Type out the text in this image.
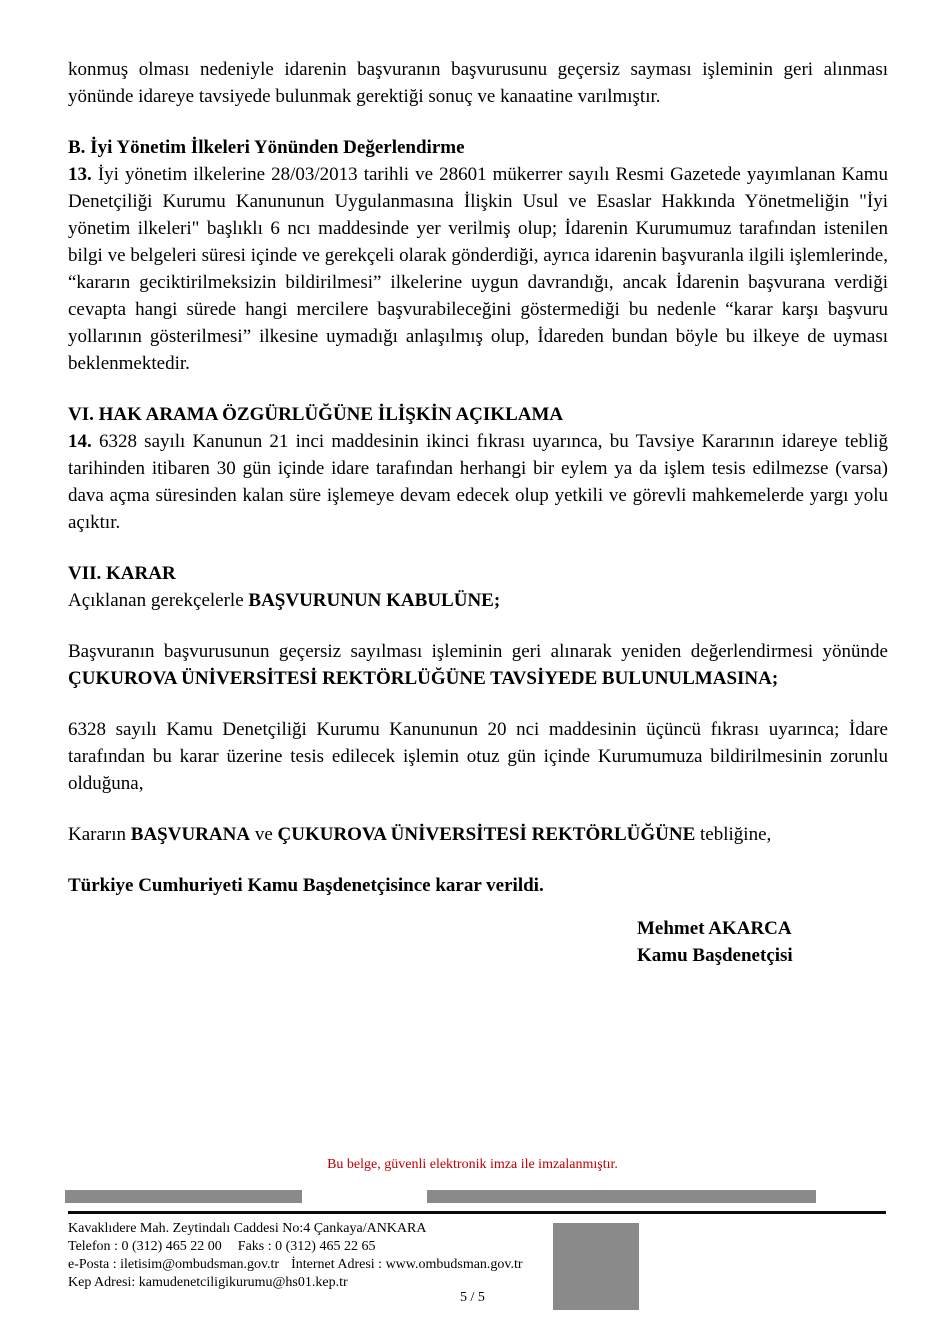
konmuş olması nedeniyle idarenin başvuranın başvurusunu geçersiz sayması işleminin geri alınması yönünde idareye tavsiyede bulunmak gerektiği sonuç ve kanaatine varılmıştır.

B. İyi Yönetim İlkeleri Yönünden Değerlendirme

13. İyi yönetim ilkelerine 28/03/2013 tarihli ve 28601 mükerrer sayılı Resmi Gazetede yayımlanan Kamu Denetçiliği Kurumu Kanununun Uygulanmasına İlişkin Usul ve Esaslar Hakkında Yönetmeliğin "İyi yönetim ilkeleri" başlıklı 6 ncı maddesinde yer verilmiş olup; İdarenin Kurumumuz tarafından istenilen bilgi ve belgeleri süresi içinde ve gerekçeli olarak gönderdiği, ayrıca idarenin başvuranla ilgili işlemlerinde, “kararın geciktirilmeksizin bildirilmesi” ilkelerine uygun davrandığı, ancak İdarenin başvurana verdiği cevapta hangi sürede hangi mercilere başvurabileceğini göstermediği bu nedenle “karar karşı başvuru yollarının gösterilmesi” ilkesine uymadığı anlaşılmış olup, İdareden bundan böyle bu ilkeye de uyması beklenmektedir.

VI. HAK ARAMA ÖZGÜRLÜĞÜNE İLİŞKİN AÇIKLAMA

14. 6328 sayılı Kanunun 21 inci maddesinin ikinci fıkrası uyarınca, bu Tavsiye Kararının idareye tebliğ tarihinden itibaren 30 gün içinde idare tarafından herhangi bir eylem ya da işlem tesis edilmezse (varsa) dava açma süresinden kalan süre işlemeye devam edecek olup yetkili ve görevli mahkemelerde yargı yolu açıktır.

VII. KARAR

Açıklanan gerekçelerle BAŞVURUNUN KABULÜNE;

Başvuranın başvurusunun geçersiz sayılması işleminin geri alınarak yeniden değerlendirmesi yönünde ÇUKUROVA ÜNİVERSİTESİ REKTÖRLÜĞÜNE TAVSİYEDE BULUNULMASINA;

6328 sayılı Kamu Denetçiliği Kurumu Kanununun 20 nci maddesinin üçüncü fıkrası uyarınca; İdare tarafından bu karar üzerine tesis edilecek işlemin otuz gün içinde Kurumumuza bildirilmesinin zorunlu olduğuna,

Kararın BAŞVURANA ve ÇUKUROVA ÜNİVERSİTESİ REKTÖRLÜĞÜNE tebliğine,

Türkiye Cumhuriyeti Kamu Başdenetçisince karar verildi.

Mehmet AKARCA
Kamu Başdenetçisi
Bu belge, güvenli elektronik imza ile imzalanmıştır.
Kavaklıdere Mah. Zeytindalı Caddesi No:4 Çankaya/ANKARA
Telefon : 0 (312) 465 22 00 Faks : 0 (312) 465 22 65
e-Posta : iletisim@ombudsman.gov.tr İnternet Adresi : www.ombudsman.gov.tr
Kep Adresi: kamudenetciligikurumu@hs01.kep.tr
5 / 5
